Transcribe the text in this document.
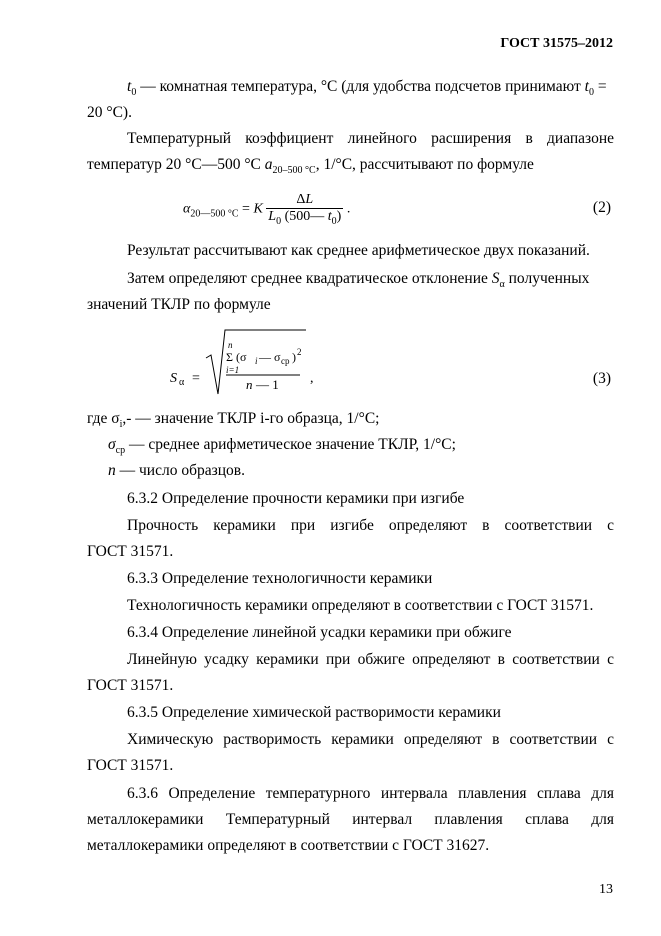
ГОСТ 31575–2012
$t_0$ — комнатная температура, °C (для удобства подсчетов принимают $t_0$ =
20 °C).
Температурный коэффициент линейного расширения в диапазоне
температур 20 °C—500 °C $a_{20-500 ^\circ C}$, 1/°C, рассчитывают по формуле
$\alpha_{20—500 ^\circ C} = K \frac{\Delta L}{L_0 (500— t_0)}$ .	(2)
Результат рассчитывают как среднее арифметическое двух показаний.
Затем определяют среднее квадратическое отклонение $S_\alpha$ полученных
значений ТКЛР по формуле
S α =
n
Σ (σ i — σ ср ) 2
i=1
n — 1 ,	(3)
где $\sigma_i,-$ — значение ТКЛР i-го образца, 1/°C;
$\sigma_{ср}$ — среднее арифметическое значение ТКЛР, 1/°C;
n — число образцов.
6.3.2 Определение прочности керамики при изгибе
Прочность керамики при изгибе определяют в соответствии с
ГОСТ 31571.
6.3.3 Определение технологичности керамики
Технологичность керамики определяют в соответствии с ГОСТ 31571.
6.3.4 Определение линейной усадки керамики при обжиге
Линейную усадку керамики при обжиге определяют в соответствии с
ГОСТ 31571.
6.3.5 Определение химической растворимости керамики
Химическую растворимость керамики определяют в соответствии с
ГОСТ 31571.
6.3.6 Определение температурного интервала плавления сплава для
металлокерамики Температурный интервал плавления сплава для
металлокерамики определяют в соответствии с ГОСТ 31627.
13
